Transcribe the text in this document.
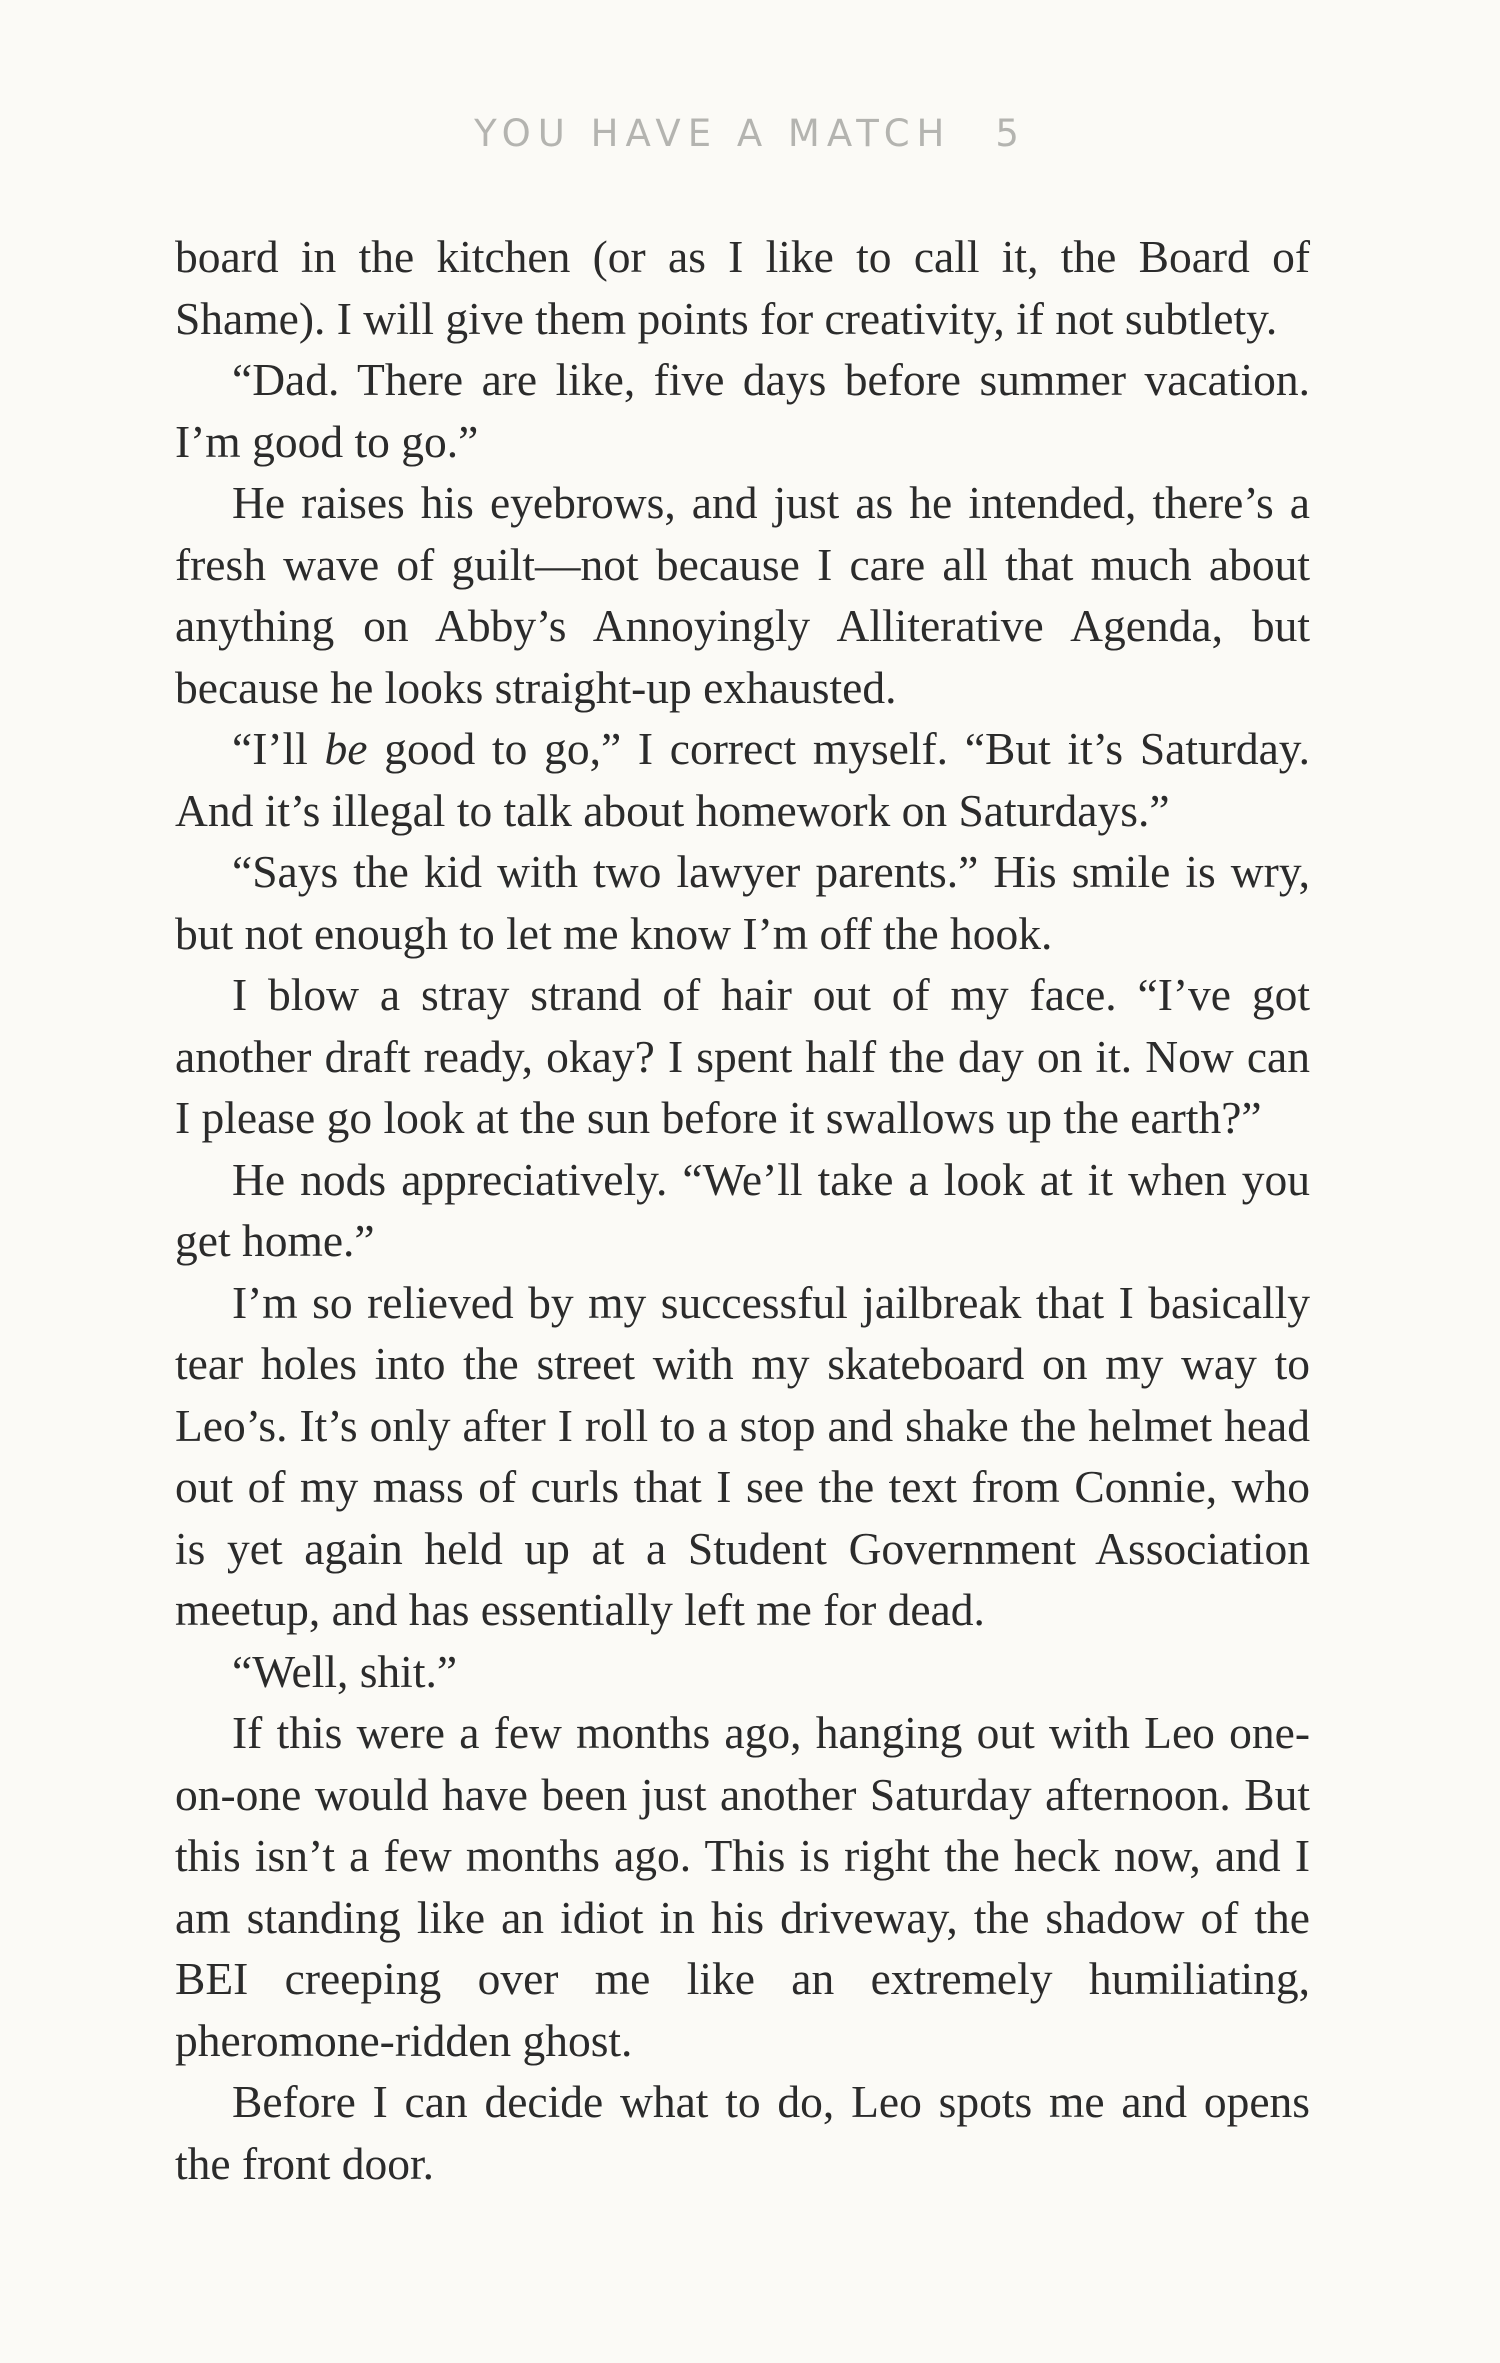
YOU HAVE A MATCH 5

board in the kitchen (or as I like to call it, the Board of Shame). I will give them points for creativity, if not subtlety.

“Dad. There are like, five days before summer vacation. I’m good to go.”

He raises his eyebrows, and just as he intended, there’s a fresh wave of guilt—not because I care all that much about anything on Abby’s Annoyingly Alliterative Agenda, but because he looks straight-up exhausted.

“I’ll be good to go,” I correct myself. “But it’s Saturday. And it’s illegal to talk about homework on Saturdays.”

“Says the kid with two lawyer parents.” His smile is wry, but not enough to let me know I’m off the hook.

I blow a stray strand of hair out of my face. “I’ve got another draft ready, okay? I spent half the day on it. Now can I please go look at the sun before it swallows up the earth?”

He nods appreciatively. “We’ll take a look at it when you get home.”

I’m so relieved by my successful jailbreak that I basically tear holes into the street with my skateboard on my way to Leo’s. It’s only after I roll to a stop and shake the helmet head out of my mass of curls that I see the text from Connie, who is yet again held up at a Student Government Association meetup, and has essentially left me for dead.

“Well, shit.”

If this were a few months ago, hanging out with Leo one-on-one would have been just another Saturday afternoon. But this isn’t a few months ago. This is right the heck now, and I am standing like an idiot in his driveway, the shadow of the BEI creeping over me like an extremely humiliating, pheromone-ridden ghost.

Before I can decide what to do, Leo spots me and opens the front door.
